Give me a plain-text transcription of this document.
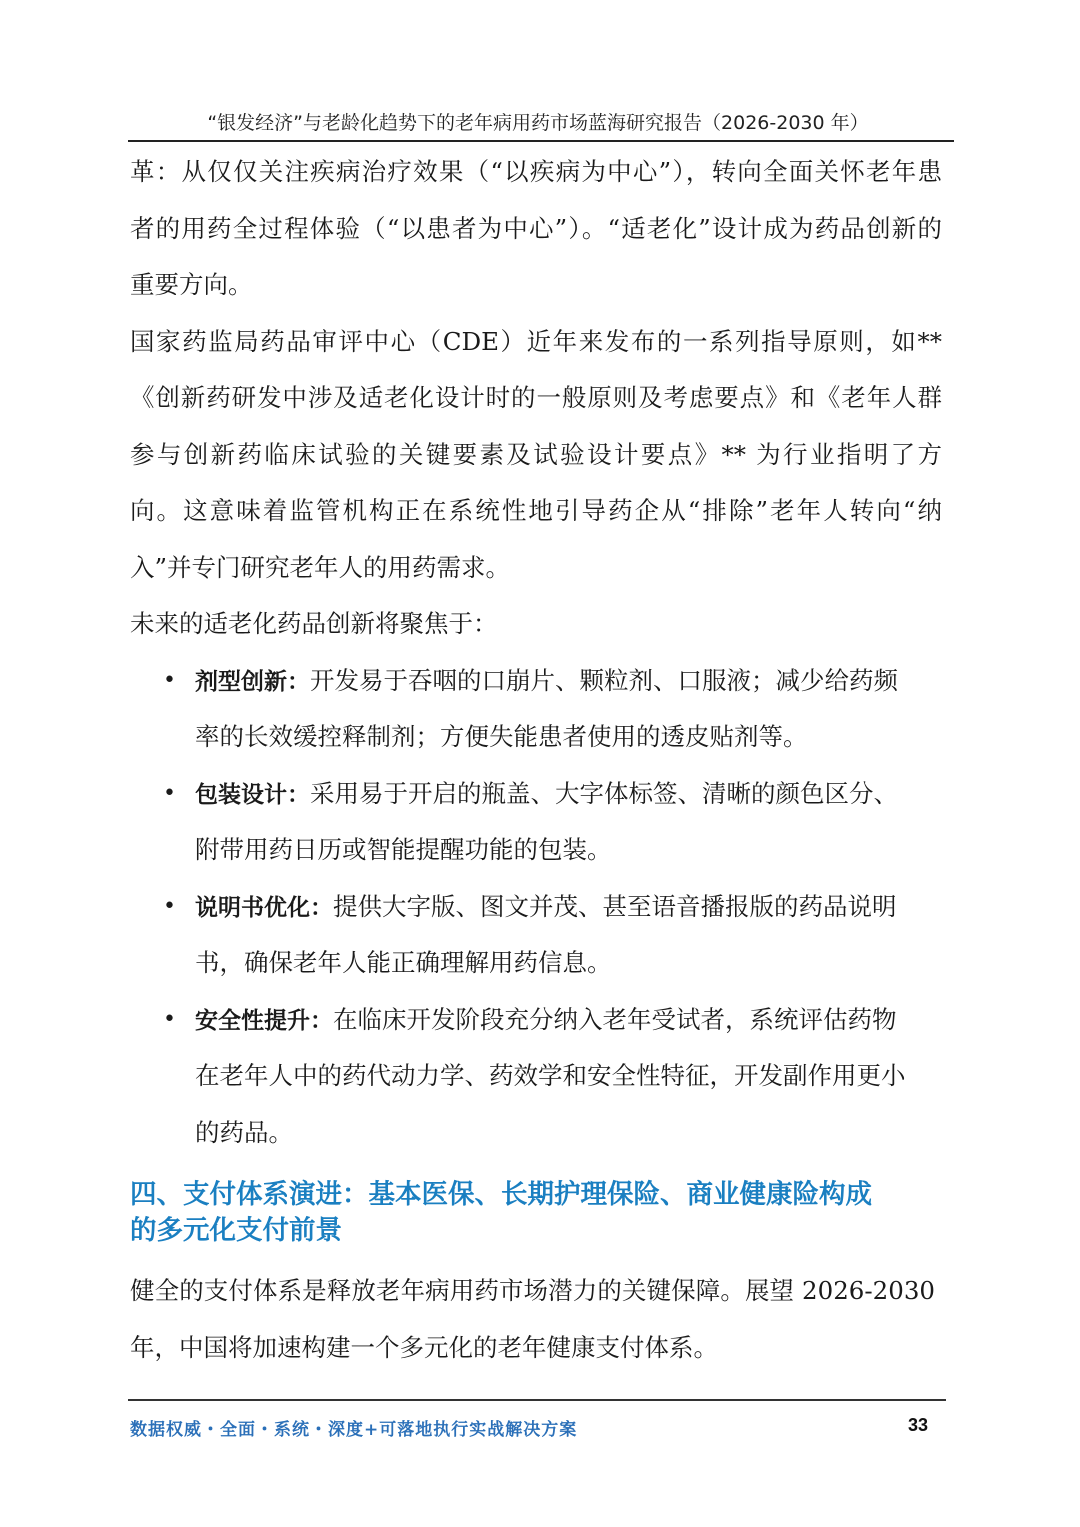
“银发经济”与老龄化趋势下的老年病用药市场蓝海研究报告（2026-2030 年）
革：从仅仅关注疾病治疗效果（“以疾病为中心”），转向全面关怀老年患
者的用药全过程体验（“以患者为中心”）。“适老化”设计成为药品创新的
重要方向。
国家药监局药品审评中心（CDE）近年来发布的一系列指导原则，如**
《创新药研发中涉及适老化设计时的一般原则及考虑要点》和《老年人群
参与创新药临床试验的关键要素及试验设计要点》** 为行业指明了方
向。这意味着监管机构正在系统性地引导药企从“排除”老年人转向“纳
入”并专门研究老年人的用药需求。
未来的适老化药品创新将聚焦于：
• 剂型创新：开发易于吞咽的口崩片、颗粒剂、口服液；减少给药频
率的长效缓控释制剂；方便失能患者使用的透皮贴剂等。
• 包装设计：采用易于开启的瓶盖、大字体标签、清晰的颜色区分、
附带用药日历或智能提醒功能的包装。
• 说明书优化：提供大字版、图文并茂、甚至语音播报版的药品说明
书，确保老年人能正确理解用药信息。
• 安全性提升：在临床开发阶段充分纳入老年受试者，系统评估药物
在老年人中的药代动力学、药效学和安全性特征，开发副作用更小
的药品。
四、支付体系演进：基本医保、长期护理保险、商业健康险构成
的多元化支付前景
健全的支付体系是释放老年病用药市场潜力的关键保障。展望 2026-2030
年，中国将加速构建一个多元化的老年健康支付体系。
数据权威・全面・系统・深度+可落地执行实战解决方案	33
